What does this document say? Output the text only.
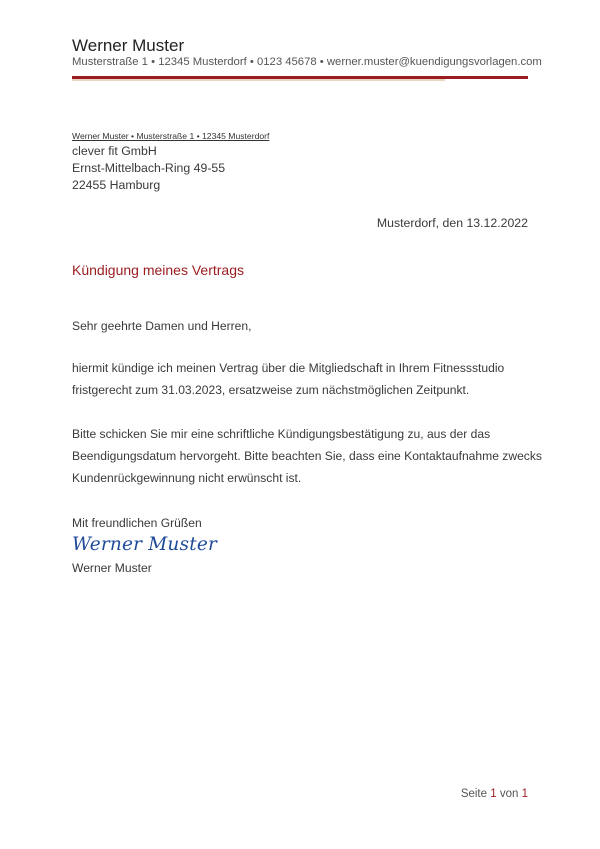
Werner Muster
Musterstraße 1 • 12345 Musterdorf • 0123 45678 • werner.muster@kuendigungsvorlagen.com
Werner Muster • Musterstraße 1 • 12345 Musterdorf
clever fit GmbH
Ernst-Mittelbach-Ring 49-55
22455 Hamburg
Musterdorf, den 13.12.2022
Kündigung meines Vertrags
Sehr geehrte Damen und Herren,
hiermit kündige ich meinen Vertrag über die Mitgliedschaft in Ihrem Fitnessstudio
fristgerecht zum 31.03.2023, ersatzweise zum nächstmöglichen Zeitpunkt.
Bitte schicken Sie mir eine schriftliche Kündigungsbestätigung zu, aus der das
Beendigungsdatum hervorgeht. Bitte beachten Sie, dass eine Kontaktaufnahme zwecks
Kundenrückgewinnung nicht erwünscht ist.
Mit freundlichen Grüßen
Werner Muster
Werner Muster
Seite 1 von 1
